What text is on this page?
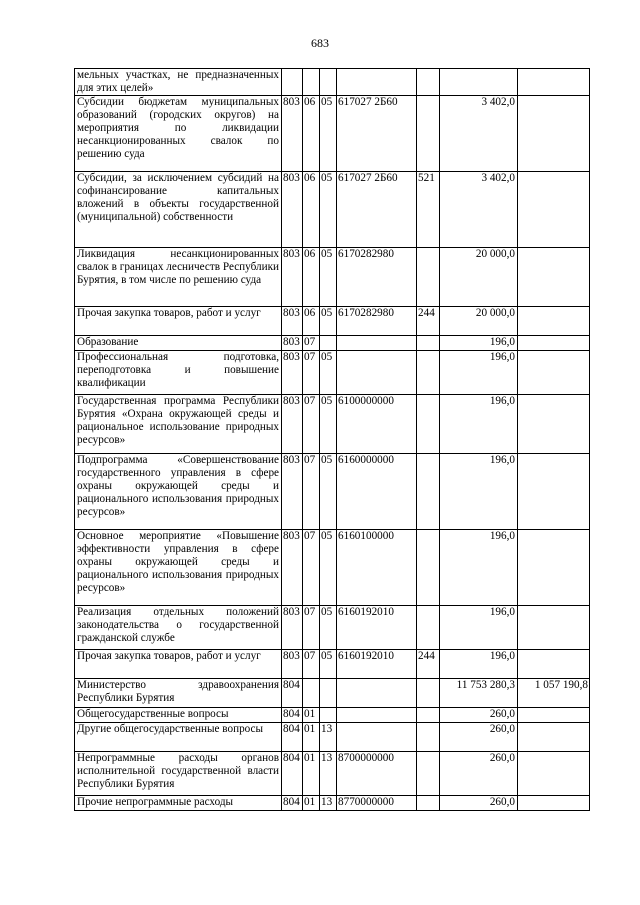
683
мельных участках, не предназначенных для этих целей»							
Субсидии бюджетам муниципальных образований (городских округов) на мероприятия по ликвидации несанкционированных свалок по решению суда	803	06	05	617027 2Б60		3 402,0	
Субсидии, за исключением субсидий на софинансирование капитальных вложений в объекты государственной (муниципальной) собственности	803	06	05	617027 2Б60	521	3 402,0	
Ликвидация несанкционированных свалок в границах лесничеств Республики Бурятия, в том числе по решению суда	803	06	05	6170282980		20 000,0	
Прочая закупка товаров, работ и услуг	803	06	05	6170282980	244	20 000,0	
Образование	803	07				196,0	
Профессиональная подготовка, переподготовка и повышение квалификации	803	07	05			196,0	
Государственная программа Республики Бурятия «Охрана окружающей среды и рациональное использование природных ресурсов»	803	07	05	6100000000		196,0	
Подпрограмма «Совершенствование государственного управления в сфере охраны окружающей среды и рационального использования природных ресурсов»	803	07	05	6160000000		196,0	
Основное мероприятие «Повышение эффективности управления в сфере охраны окружающей среды и рационального использования природных ресурсов»	803	07	05	6160100000		196,0	
Реализация отдельных положений законодательства о государственной гражданской службе	803	07	05	6160192010		196,0	
Прочая закупка товаров, работ и услуг	803	07	05	6160192010	244	196,0	
Министерство здравоохранения Республики Бурятия	804					11 753 280,3	1 057 190,8
Общегосударственные вопросы	804	01				260,0	
Другие общегосударственные вопросы	804	01	13			260,0	
Непрограммные расходы органов исполнительной государственной власти Республики Бурятия	804	01	13	8700000000		260,0	
Прочие непрограммные расходы	804	01	13	8770000000		260,0	
